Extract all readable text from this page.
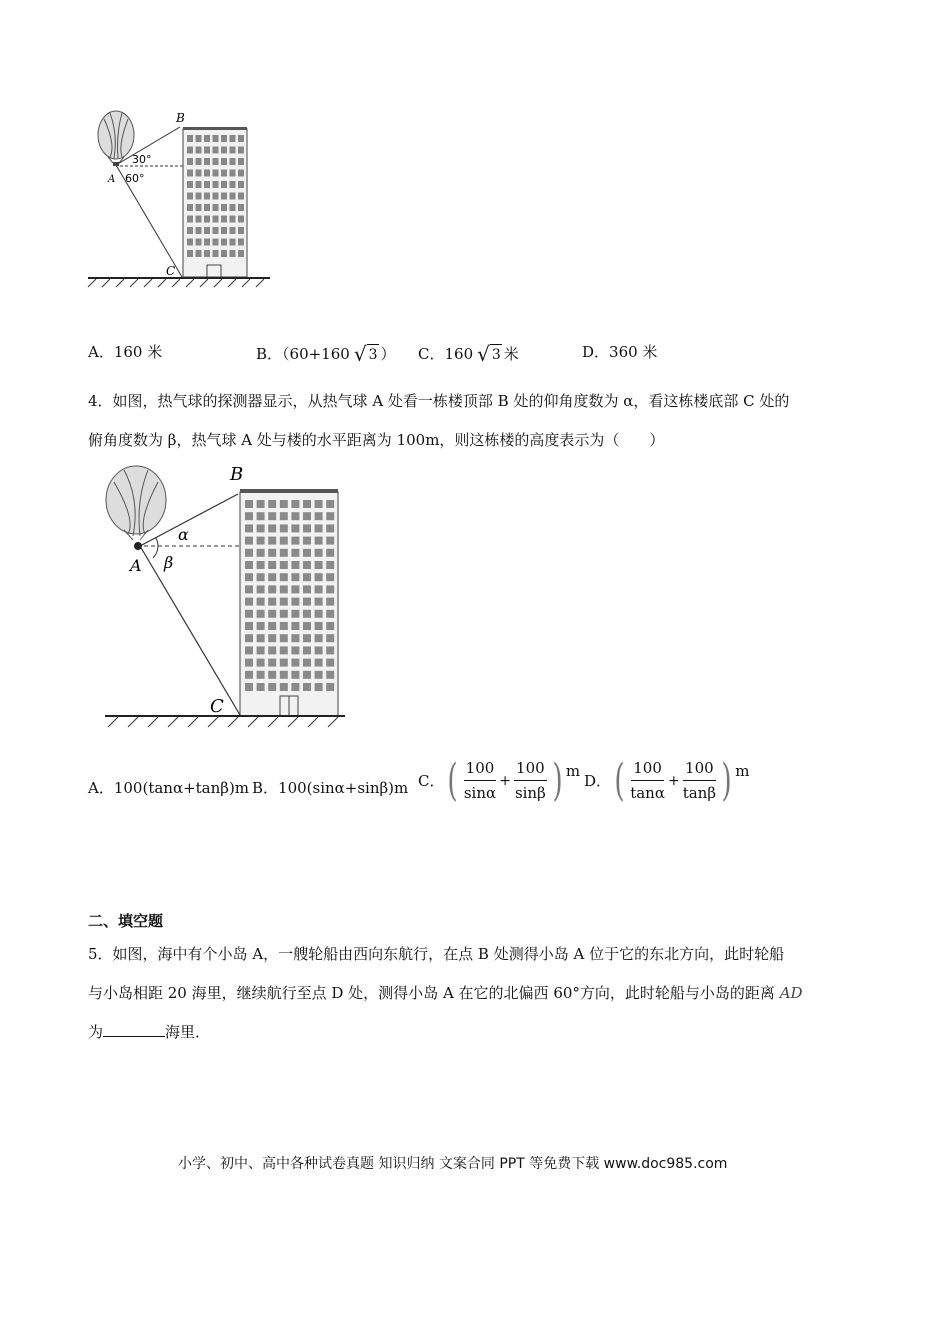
B
A
C
30°
60°
A．160 米	B．（60+160 √ 3 ） C．160 √ 3 米	D．360 米
4．如图，热气球的探测器显示，从热气球 A 处看一栋楼顶部 B 处的仰角度数为 α，看这栋楼底部 C 处的
俯角度数为 β，热气球 A 处与楼的水平距离为 100m，则这栋楼的高度表示为（　　）
B
A
C
α
β
A．100(tanα+tanβ)m B．100(sinα+sinβ)m C． ( $\frac{100}{\sin\alpha} + \frac{100}{\sin\beta}$ ) m
D． ( $\frac{100}{\tan\alpha} + \frac{100}{\tan\beta}$ ) m
二、填空题
5．如图，海中有个小岛 A，一艘轮船由西向东航行，在点 B 处测得小岛 A 位于它的东北方向，此时轮船
与小岛相距 20 海里，继续航行至点 D 处，测得小岛 A 在它的北偏西 60°方向，此时轮船与小岛的距离 AD
为	海里．
小学、初中、高中各种试卷真题 知识归纳 文案合同 PPT 等免费下载 www.doc985.com
